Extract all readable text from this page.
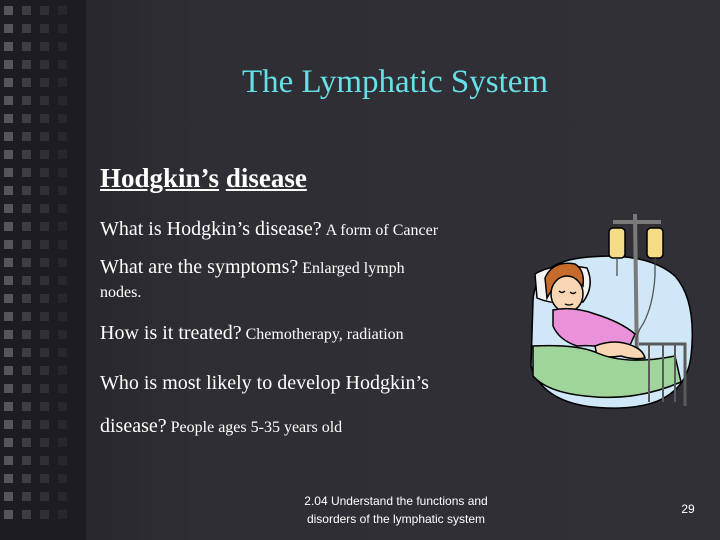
The Lymphatic System
Hodgkin’s disease
What is Hodgkin’s disease? A form of Cancer
What are the symptoms? Enlarged lymph
nodes.
How is it treated? Chemotherapy, radiation
Who is most likely to develop Hodgkin’s
disease? People ages 5-35 years old
2.04 Understand the functions and
disorders of the lymphatic system
29
